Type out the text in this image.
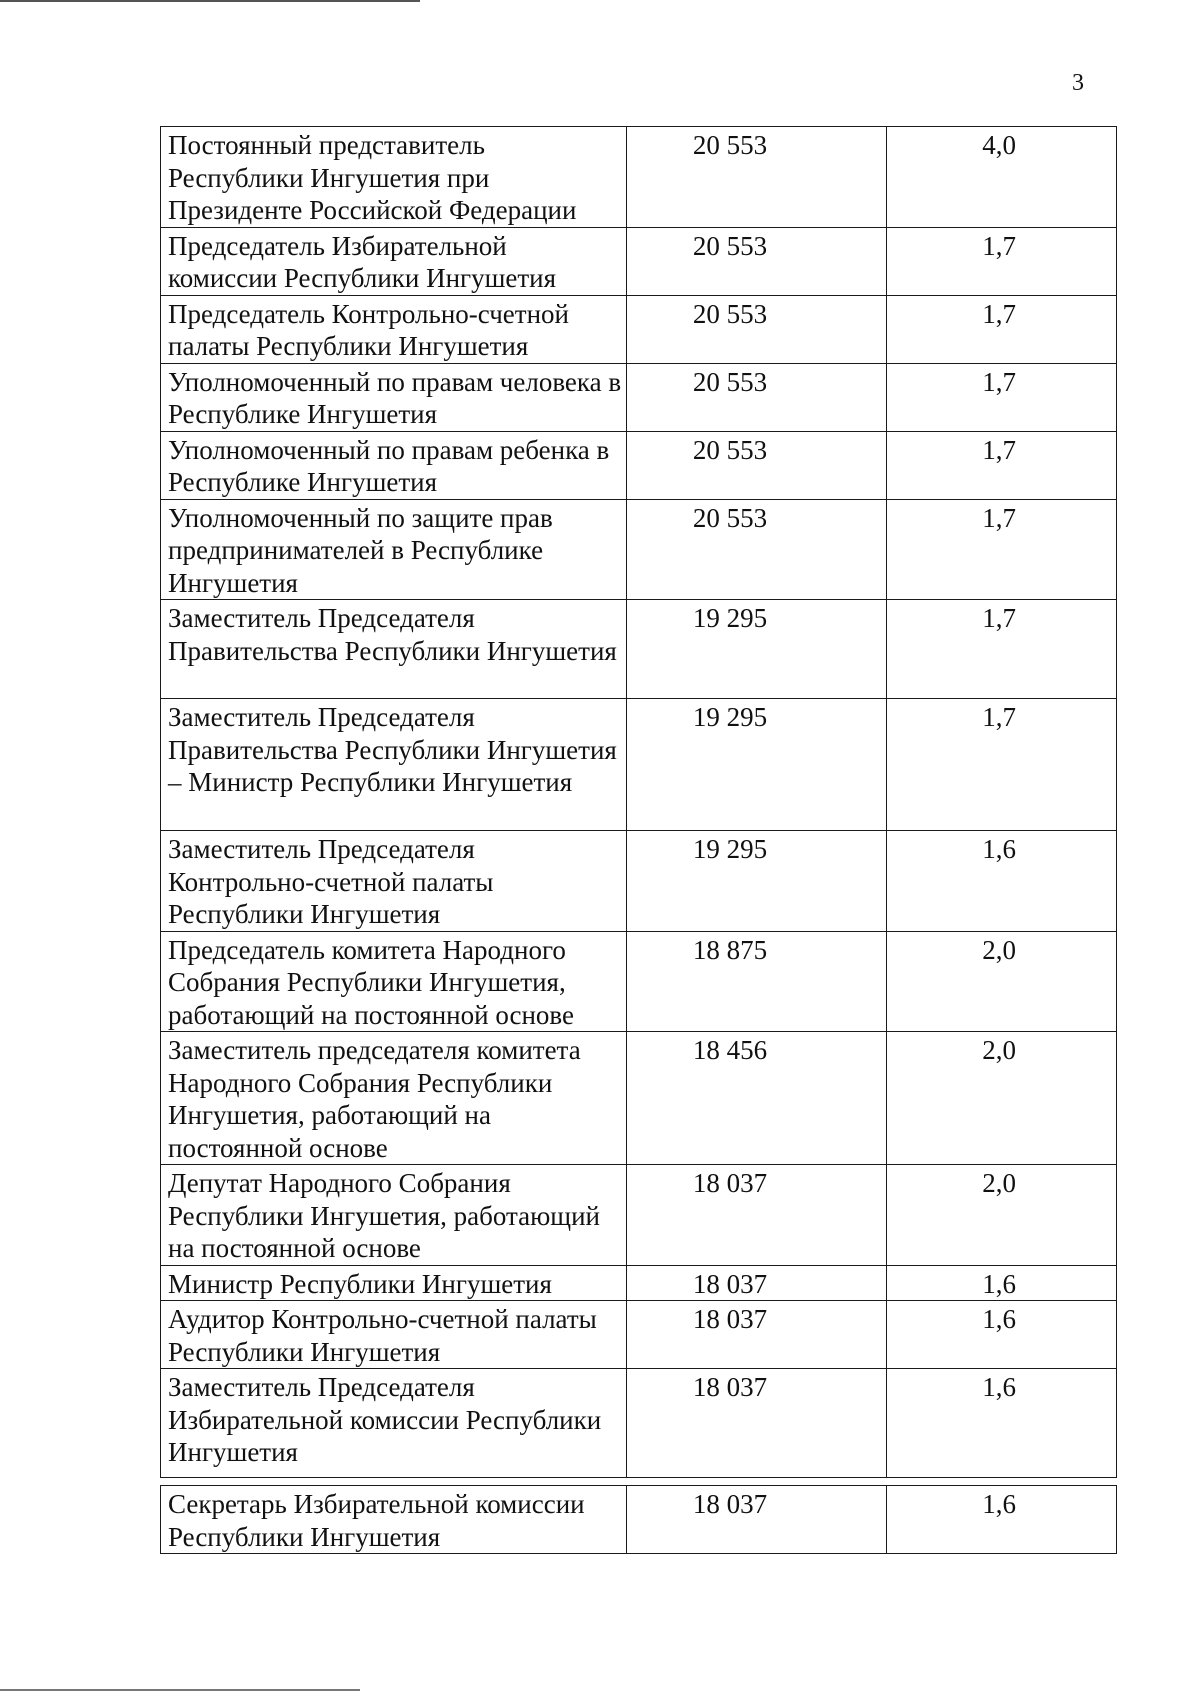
3
Постоянный представитель Республики Ингушетия при Президенте Российской Федерации	20 553	4,0
Председатель Избирательной комиссии Республики Ингушетия	20 553	1,7
Председатель Контрольно-счетной палаты Республики Ингушетия	20 553	1,7
Уполномоченный по правам человека в Республике Ингушетия	20 553	1,7
Уполномоченный по правам ребенка в Республике Ингушетия	20 553	1,7
Уполномоченный по защите прав предпринимателей в Республике Ингушетия	20 553	1,7
Заместитель Председателя Правительства Республики Ингушетия	19 295	1,7
Заместитель Председателя Правительства Республики Ингушетия – Министр Республики Ингушетия	19 295	1,7
Заместитель Председателя Контрольно-счетной палаты Республики Ингушетия	19 295	1,6
Председатель комитета Народного Собрания Республики Ингушетия, работающий на постоянной основе	18 875	2,0
Заместитель председателя комитета Народного Собрания Республики Ингушетия, работающий на постоянной основе	18 456	2,0
Депутат Народного Собрания Республики Ингушетия, работающий на постоянной основе	18 037	2,0
Министр Республики Ингушетия	18 037	1,6
Аудитор Контрольно-счетной палаты Республики Ингушетия	18 037	1,6
Заместитель Председателя Избирательной комиссии Республики Ингушетия	18 037	1,6

Секретарь Избирательной комиссии Республики Ингушетия	18 037	1,6
